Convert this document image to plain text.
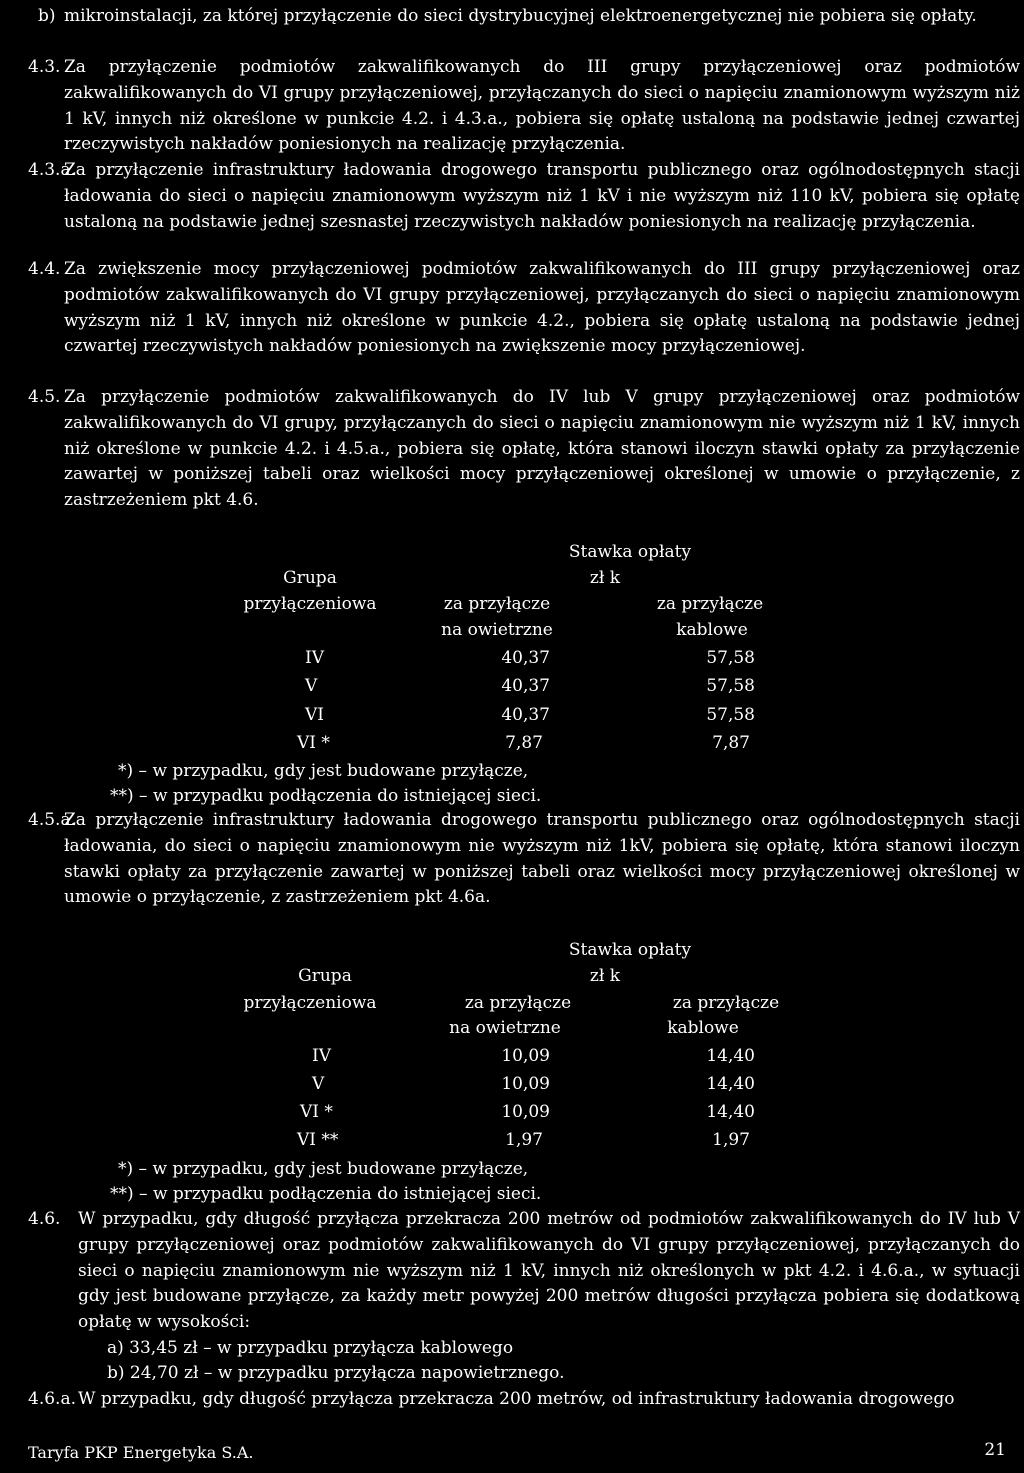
b) mikroinstalacji, za której przyłączenie do sieci dystrybucyjnej elektroenergetycznej nie pobiera się opłaty.
4.3. Za przyłączenie podmiotów zakwalifikowanych do III grupy przyłączeniowej oraz podmiotów zakwalifikowanych do VI grupy przyłączeniowej, przyłączanych do sieci o napięciu znamionowym wyższym niż 1 kV, innych niż określone w punkcie 4.2. i 4.3.a., pobiera się opłatę ustaloną na podstawie jednej czwartej rzeczywistych nakładów poniesionych na realizację przyłączenia.
4.3.a.
Za przyłączenie infrastruktury ładowania drogowego transportu publicznego oraz ogólnodostępnych stacji ładowania do sieci o napięciu znamionowym wyższym niż 1 kV i nie wyższym niż 110 kV, pobiera się opłatę ustaloną na podstawie jednej szesnastej rzeczywistych nakładów poniesionych na realizację przyłączenia.
4.4. Za zwiększenie mocy przyłączeniowej podmiotów zakwalifikowanych do III grupy przyłączeniowej oraz podmiotów zakwalifikowanych do VI grupy przyłączeniowej, przyłączanych do sieci o napięciu znamionowym wyższym niż 1 kV, innych niż określone w punkcie 4.2., pobiera się opłatę ustaloną na podstawie jednej czwartej rzeczywistych nakładów poniesionych na zwiększenie mocy przyłączeniowej.
4.5. Za przyłączenie podmiotów zakwalifikowanych do IV lub V grupy przyłączeniowej oraz podmiotów zakwalifikowanych do VI grupy, przyłączanych do sieci o napięciu znamionowym nie wyższym niż 1 kV, innych niż określone w punkcie 4.2. i 4.5.a., pobiera się opłatę, która stanowi iloczyn stawki opłaty za przyłączenie zawartej w poniższej tabeli oraz wielkości mocy przyłączeniowej określonej w umowie o przyłączenie, z zastrzeżeniem pkt 4.6.
Stawka opłaty
Grupa	zł k
przyłączeniowa	za przyłącze	za przyłącze
na owietrzne	kablowe
IV	40,37	57,58
V	40,37	57,58
VI	40,37	57,58
VI *	7,87	7,87
*) – w przypadku, gdy jest budowane przyłącze,
**) – w przypadku podłączenia do istniejącej sieci.
4.5.a.
Za przyłączenie infrastruktury ładowania drogowego transportu publicznego oraz ogólnodostępnych stacji ładowania, do sieci o napięciu znamionowym nie wyższym niż 1kV, pobiera się opłatę, która stanowi iloczyn stawki opłaty za przyłączenie zawartej w poniższej tabeli oraz wielkości mocy przyłączeniowej określonej w umowie o przyłączenie, z zastrzeżeniem pkt 4.6a.
Stawka opłaty
Grupa	zł k
przyłączeniowa	za przyłącze	za przyłącze
na owietrzne	kablowe
IV	10,09	14,40
V	10,09	14,40
VI *	10,09	14,40
VI **	1,97	1,97
*) – w przypadku, gdy jest budowane przyłącze,
**) – w przypadku podłączenia do istniejącej sieci.
4.6. W przypadku, gdy długość przyłącza przekracza 200 metrów od podmiotów zakwalifikowanych do IV lub V grupy przyłączeniowej oraz podmiotów zakwalifikowanych do VI grupy przyłączeniowej, przyłączanych do sieci o napięciu znamionowym nie wyższym niż 1 kV, innych niż określonych w pkt 4.2. i 4.6.a., w sytuacji gdy jest budowane przyłącze, za każdy metr powyżej 200 metrów długości przyłącza pobiera się dodatkową opłatę w wysokości:
a) 33,45 zł – w przypadku przyłącza kablowego
b) 24,70 zł – w przypadku przyłącza napowietrznego.
4.6.a. W przypadku, gdy długość przyłącza przekracza 200 metrów, od infrastruktury ładowania drogowego
Taryfa PKP Energetyka S.A.	21
